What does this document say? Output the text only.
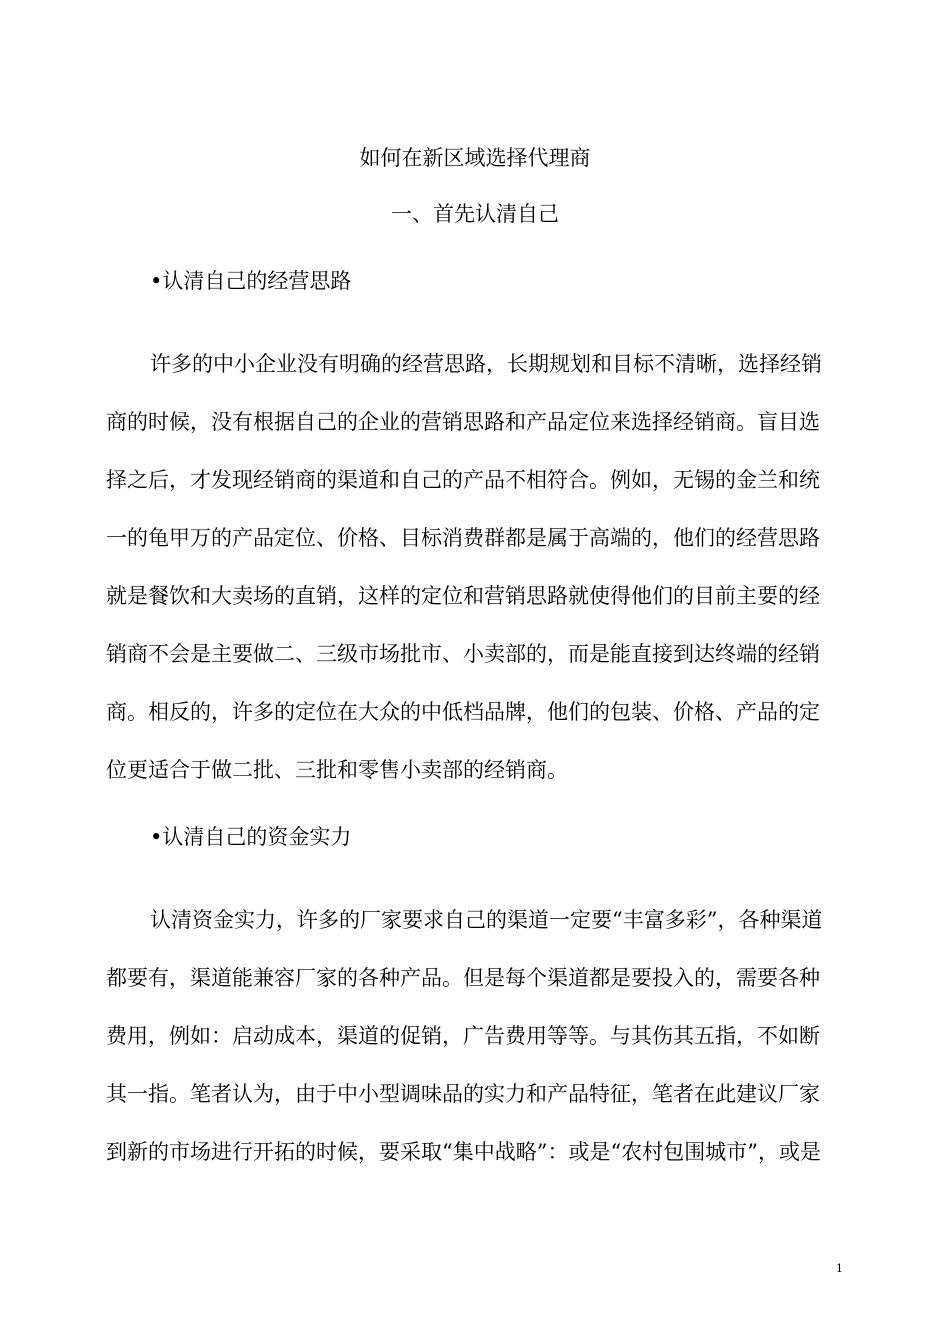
如何在新区域选择代理商
一、首先认清自己
•认清自己的经营思路
许多的中小企业没有明确的经营思路，长期规划和目标不清晰，选择经销
商的时候，没有根据自己的企业的营销思路和产品定位来选择经销商。盲目选
择之后，才发现经销商的渠道和自己的产品不相符合。例如，无锡的金兰和统
一的龟甲万的产品定位、价格、目标消费群都是属于高端的，他们的经营思路
就是餐饮和大卖场的直销，这样的定位和营销思路就使得他们的目前主要的经
销商不会是主要做二、三级市场批市、小卖部的，而是能直接到达终端的经销
商。相反的，许多的定位在大众的中低档品牌，他们的包装、价格、产品的定
位更适合于做二批、三批和零售小卖部的经销商。
•认清自己的资金实力
认清资金实力，许多的厂家要求自己的渠道一定要“丰富多彩”，各种渠道
都要有，渠道能兼容厂家的各种产品。但是每个渠道都是要投入的，需要各种
费用，例如：启动成本，渠道的促销，广告费用等等。与其伤其五指，不如断
其一指。笔者认为，由于中小型调味品的实力和产品特征，笔者在此建议厂家
到新的市场进行开拓的时候，要采取“集中战略”：或是“农村包围城市”，或是
1
